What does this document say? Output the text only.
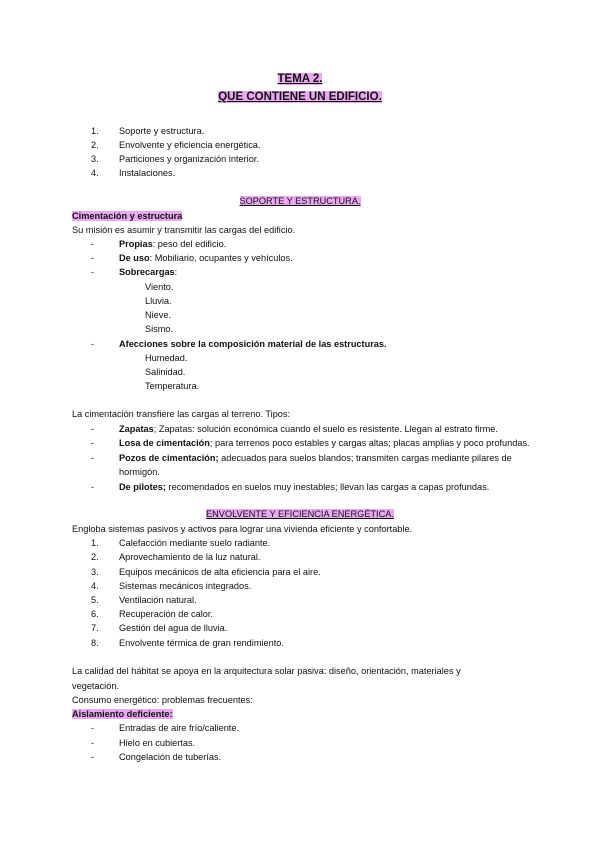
TEMA 2.
QUE CONTIENE UN EDIFICIO.
1. Soporte y estructura.
2. Envolvente y eficiencia energética.
3. Particiones y organización interior.
4. Instalaciones.
SOPORTE Y ESTRUCTURA.
Cimentación y estructura
Su misión es asumir y transmitir las cargas del edificio.
-	Propias: peso del edificio.
-	De uso: Mobiliario, ocupantes y vehículos.
-	Sobrecargas:
Viento.
Lluvia.
Nieve.
Sismo.
-	Afecciones sobre la composición material de las estructuras.
Humedad.
Salinidad.
Temperatura.
La cimentación transfiere las cargas al terreno. Tipos:
-	Zapatas; Zapatas: solución económica cuando el suelo es resistente. Llegan al estrato firme.
-	Losa de cimentación; para terrenos poco estables y cargas altas; placas amplias y poco profundas.
-	Pozos de cimentación; adecuados para suelos blandos; transmiten cargas mediante pilares de
hormigón.
-	De pilotes; recomendados en suelos muy inestables; llevan las cargas a capas profundas.
ENVOLVENTE Y EFICIENCIA ENERGÉTICA.
Engloba sistemas pasivos y activos para lograr una vivienda eficiente y confortable.
1. Calefacción mediante suelo radiante.
2. Aprovechamiento de la luz natural.
3. Equipos mecánicos de alta eficiencia para el aire.
4. Sistemas mecánicos integrados.
5. Ventilación natural.
6. Recuperación de calor.
7. Gestión del agua de lluvia.
8. Envolvente térmica de gran rendimiento.
La calidad del hábitat se apoya en la arquitectura solar pasiva: diseño, orientación, materiales y
vegetación.
Consumo energético: problemas frecuentes:
Aislamiento deficiente:
-	Entradas de aire frío/caliente.
-	Hielo en cubiertas.
-	Congelación de tuberías.
